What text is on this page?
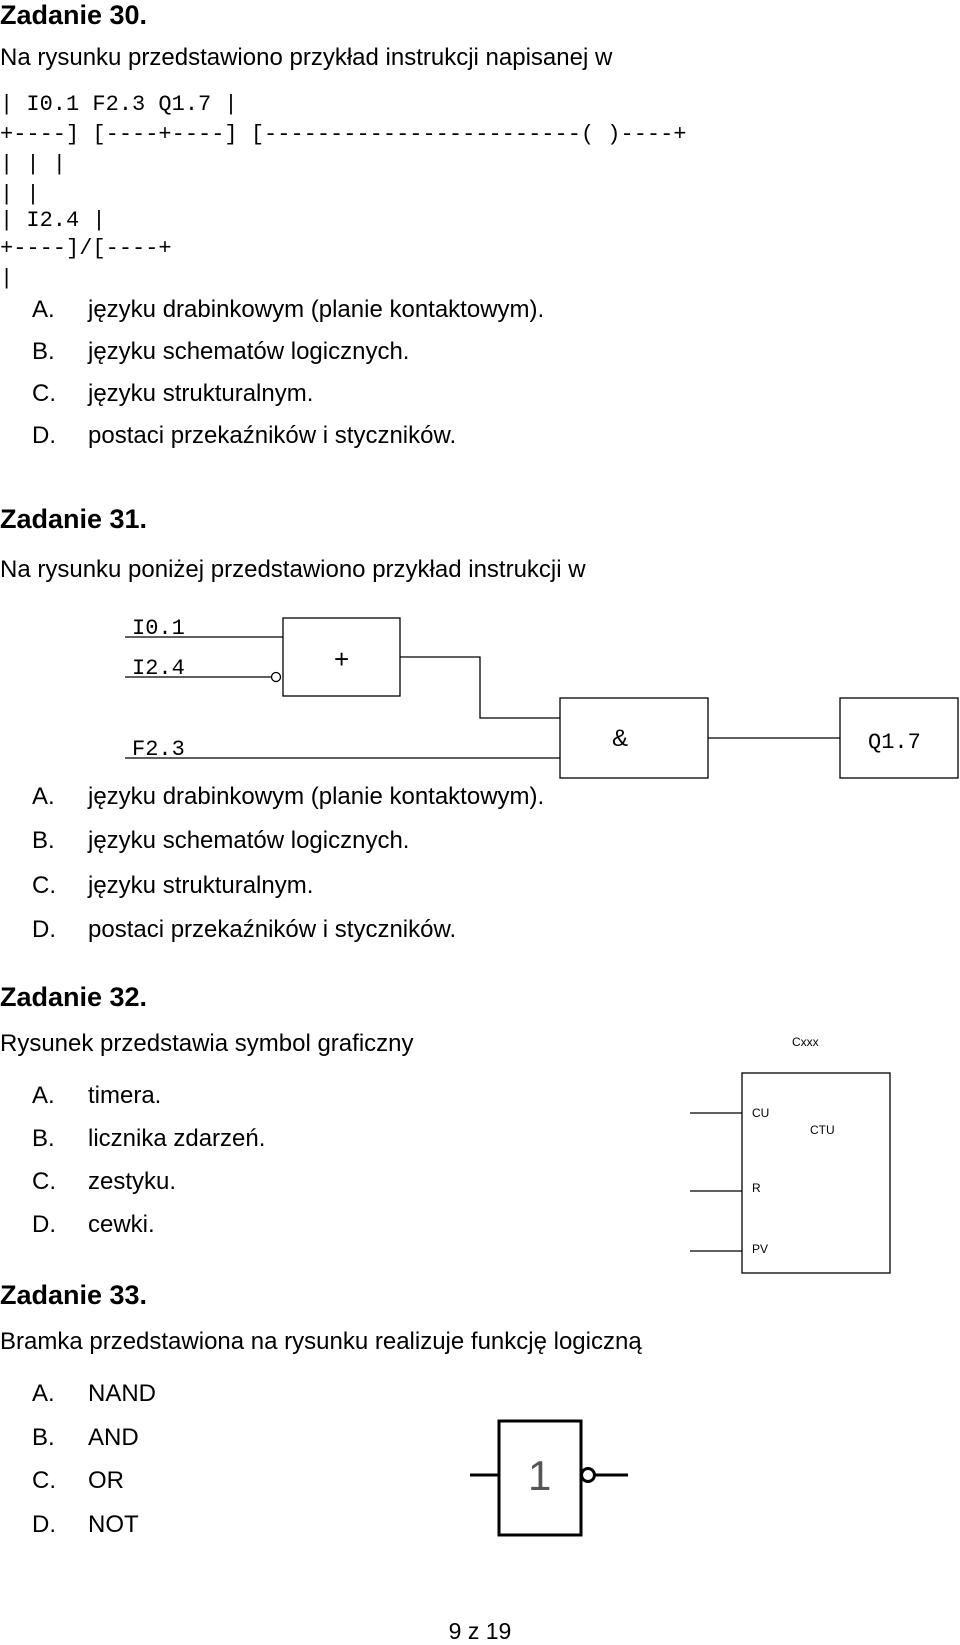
Zadanie 30.

Na rysunku przedstawiono przykład instrukcji napisanej w

| I0.1 F2.3 Q1.7 |
+----] [----+----] [------------------------( )----+
| | |
| |
| I2.4 |
+----]/[----+
|
A. języku drabinkowym (planie kontaktowym).
B. języku schematów logicznych.
C. języku strukturalnym.
D. postaci przekaźników i styczników.
Zadanie 31.

Na rysunku poniżej przedstawiono przykład instrukcji w

I0.1
I2.4
F2.3
+
&	Q1.7
A. języku drabinkowym (planie kontaktowym).
B. języku schematów logicznych.
C. języku strukturalnym.
D. postaci przekaźników i styczników.
Zadanie 32.

Rysunek przedstawia symbol graficzny	Cxxx
CU
CTU
R
PV
A. timera.
B. licznika zdarzeń.
C. zestyku.
D. cewki.
Zadanie 33.

Bramka przedstawiona na rysunku realizuje funkcję logiczną

1
A. NAND
B. AND
C. OR
D. NOT
9 z 19
